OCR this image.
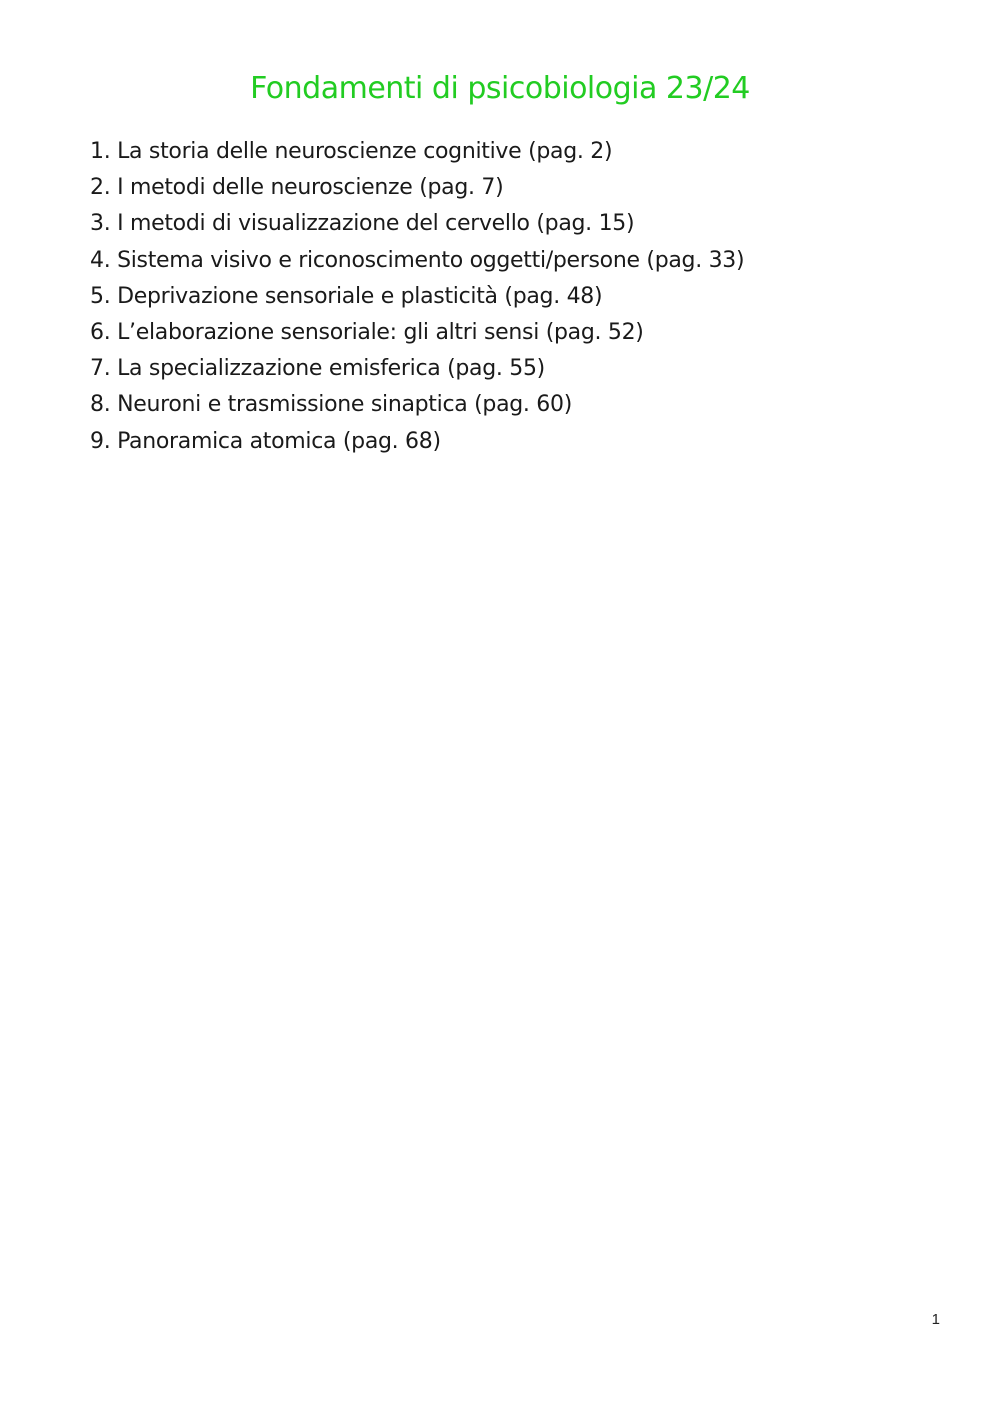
Fondamenti di psicobiologia 23/24
1. La storia delle neuroscienze cognitive (pag. 2)
2. I metodi delle neuroscienze (pag. 7)
3. I metodi di visualizzazione del cervello (pag. 15)
4. Sistema visivo e riconoscimento oggetti/persone (pag. 33)
5. Deprivazione sensoriale e plasticità (pag. 48)
6. L’elaborazione sensoriale: gli altri sensi (pag. 52)
7. La specializzazione emisferica (pag. 55)
8. Neuroni e trasmissione sinaptica (pag. 60)
9. Panoramica atomica (pag. 68)
1
